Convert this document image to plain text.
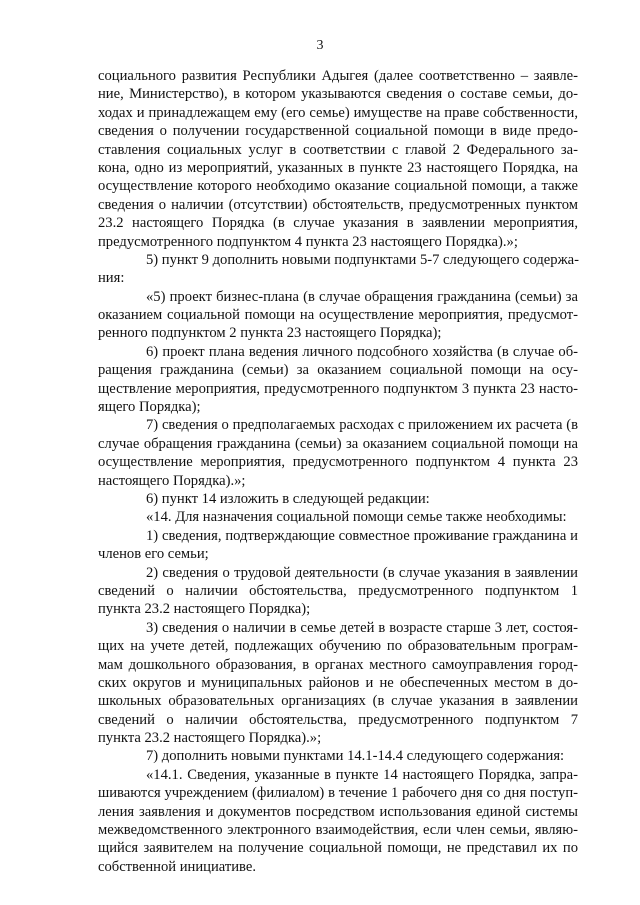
3
социального развития Республики Адыгея (далее соответственно – заявле-
ние, Министерство), в котором указываются сведения о составе семьи, до-
ходах и принадлежащем ему (его семье) имуществе на праве собственности,
сведения о получении государственной социальной помощи в виде предо-
ставления социальных услуг в соответствии с главой 2 Федерального за-
кона, одно из мероприятий, указанных в пункте 23 настоящего Порядка, на
осуществление которого необходимо оказание социальной помощи, а также
сведения о наличии (отсутствии) обстоятельств, предусмотренных пунктом
23.2 настоящего Порядка (в случае указания в заявлении мероприятия,
предусмотренного подпунктом 4 пункта 23 настоящего Порядка).»;
5) пункт 9 дополнить новыми подпунктами 5-7 следующего содержа-
ния:
«5) проект бизнес-плана (в случае обращения гражданина (семьи) за
оказанием социальной помощи на осуществление мероприятия, предусмот-
ренного подпунктом 2 пункта 23 настоящего Порядка);
6) проект плана ведения личного подсобного хозяйства (в случае об-
ращения гражданина (семьи) за оказанием социальной помощи на осу-
ществление мероприятия, предусмотренного подпунктом 3 пункта 23 насто-
ящего Порядка);
7) сведения о предполагаемых расходах с приложением их расчета (в
случае обращения гражданина (семьи) за оказанием социальной помощи на
осуществление мероприятия, предусмотренного подпунктом 4 пункта 23
настоящего Порядка).»;
6) пункт 14 изложить в следующей редакции:
«14. Для назначения социальной помощи семье также необходимы:
1) сведения, подтверждающие совместное проживание гражданина и
членов его семьи;
2) сведения о трудовой деятельности (в случае указания в заявлении
сведений о наличии обстоятельства, предусмотренного подпунктом 1
пункта 23.2 настоящего Порядка);
3) сведения о наличии в семье детей в возрасте старше 3 лет, состоя-
щих на учете детей, подлежащих обучению по образовательным програм-
мам дошкольного образования, в органах местного самоуправления город-
ских округов и муниципальных районов и не обеспеченных местом в до-
школьных образовательных организациях (в случае указания в заявлении
сведений о наличии обстоятельства, предусмотренного подпунктом 7
пункта 23.2 настоящего Порядка).»;
7) дополнить новыми пунктами 14.1-14.4 следующего содержания:
«14.1. Сведения, указанные в пункте 14 настоящего Порядка, запра-
шиваются учреждением (филиалом) в течение 1 рабочего дня со дня поступ-
ления заявления и документов посредством использования единой системы
межведомственного электронного взаимодействия, если член семьи, являю-
щийся заявителем на получение социальной помощи, не представил их по
собственной инициативе.
